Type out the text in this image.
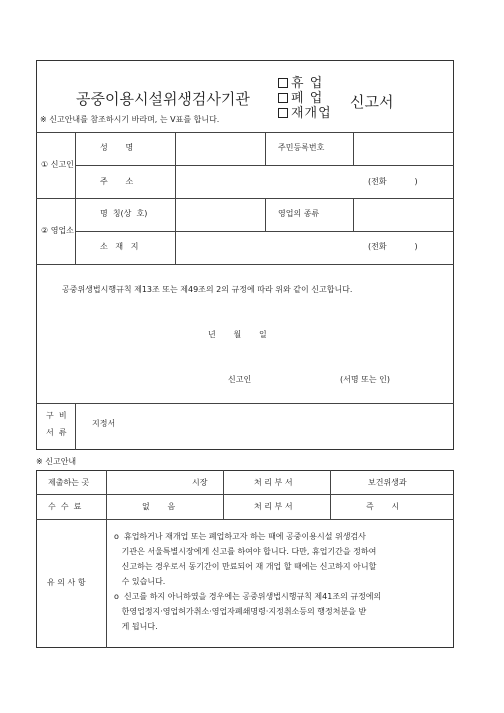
공중이용시설위생검사기관
휴 업
폐 업
재개업
신고서
※ 신고안내를 참조하시기 바라며, 는 V표를 합니다.
① 신고인
성       명	주민등록번호
주       소	(전화           )
② 영업소
명  칭(상  호)	영업의 종류
소   재   지	(전화           )
공중위생법시행규칙 제13조 또는 제49조의 2의 규정에 따라 위와 같이 신고합니다.
년       월       일
신고인	(서명 또는 인)
구  비
서  류
지정서
※ 신고안내
제출하는 곳	시장	처 리 부 서	보건위생과
수  수  료	없       음	처 리 부 서	즉       시
유 의 사 항
o  휴업하거나 재개업 또는 폐업하고자 하는 때에 공중이용시설 위생검사
기관은 서울특별시장에게 신고를 하여야 합니다. 다만, 휴업기간을 정하여
신고하는 경우로서 동기간이 만료되어 재 개업 할 때에는 신고하지 아니할
수 있습니다.
o  신고를 하지 아니하였을 경우에는 공중위생법시행규칙 제41조의 규정에의
한영업정지·영업허가취소·영업자폐쇄명령·지정취소등의 행정처분을 받
게 됩니다.
